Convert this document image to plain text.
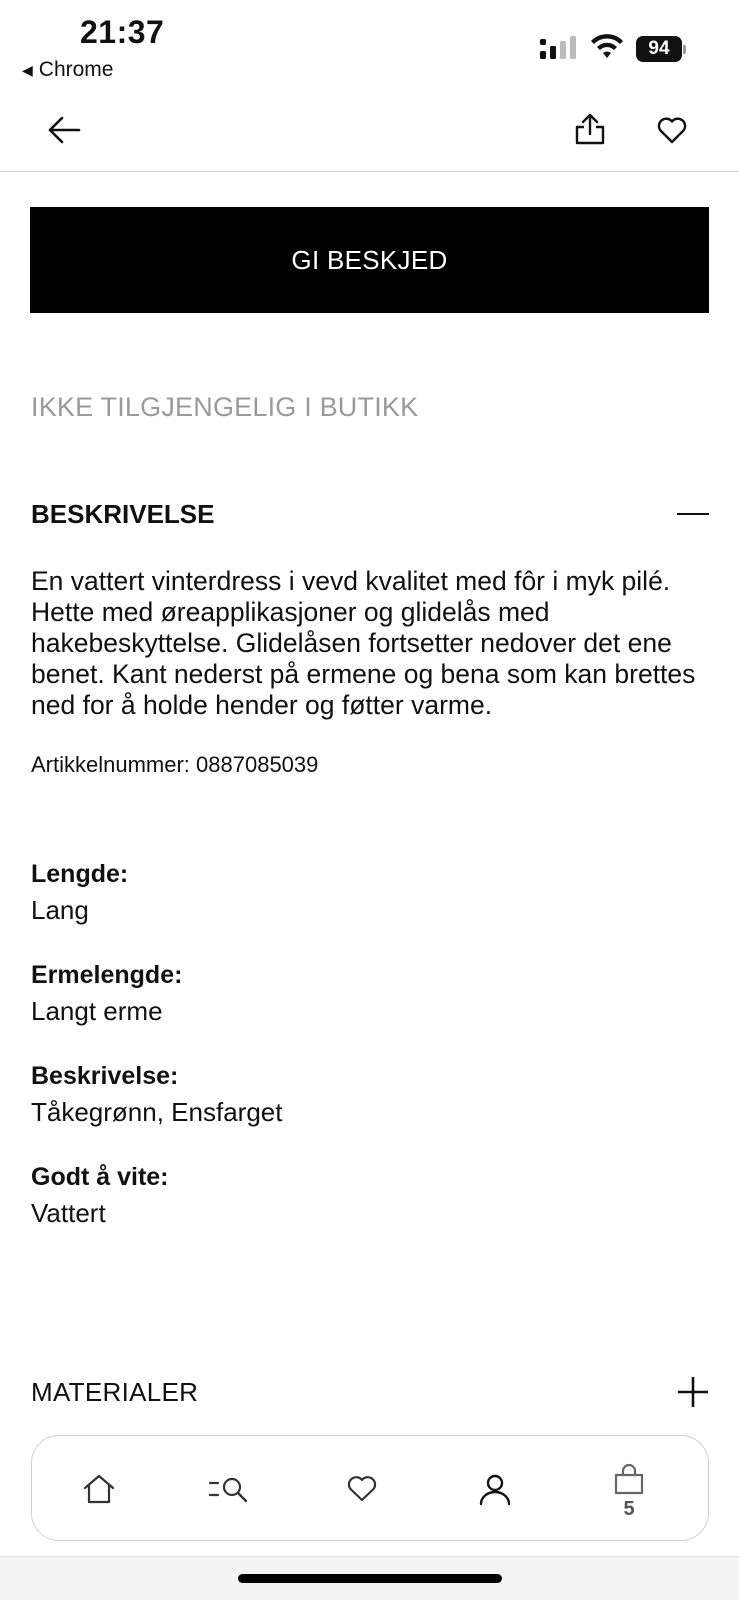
21:37
◀ Chrome
94
GI BESKJED
IKKE TILGJENGELIG I BUTIKK
BESKRIVELSE
En vattert vinterdress i vevd kvalitet med fôr i myk pilé. Hette med øreapplikasjoner og glidelås med hakebeskyttelse. Glidelåsen fortsetter nedover det ene benet. Kant nederst på ermene og bena som kan brettes ned for å holde hender og føtter varme.
Artikkelnummer: 0887085039
Lengde:
Lang
Ermelengde:
Langt erme
Beskrivelse:
Tåkegrønn, Ensfarget
Godt å vite:
Vattert
MATERIALER
5
